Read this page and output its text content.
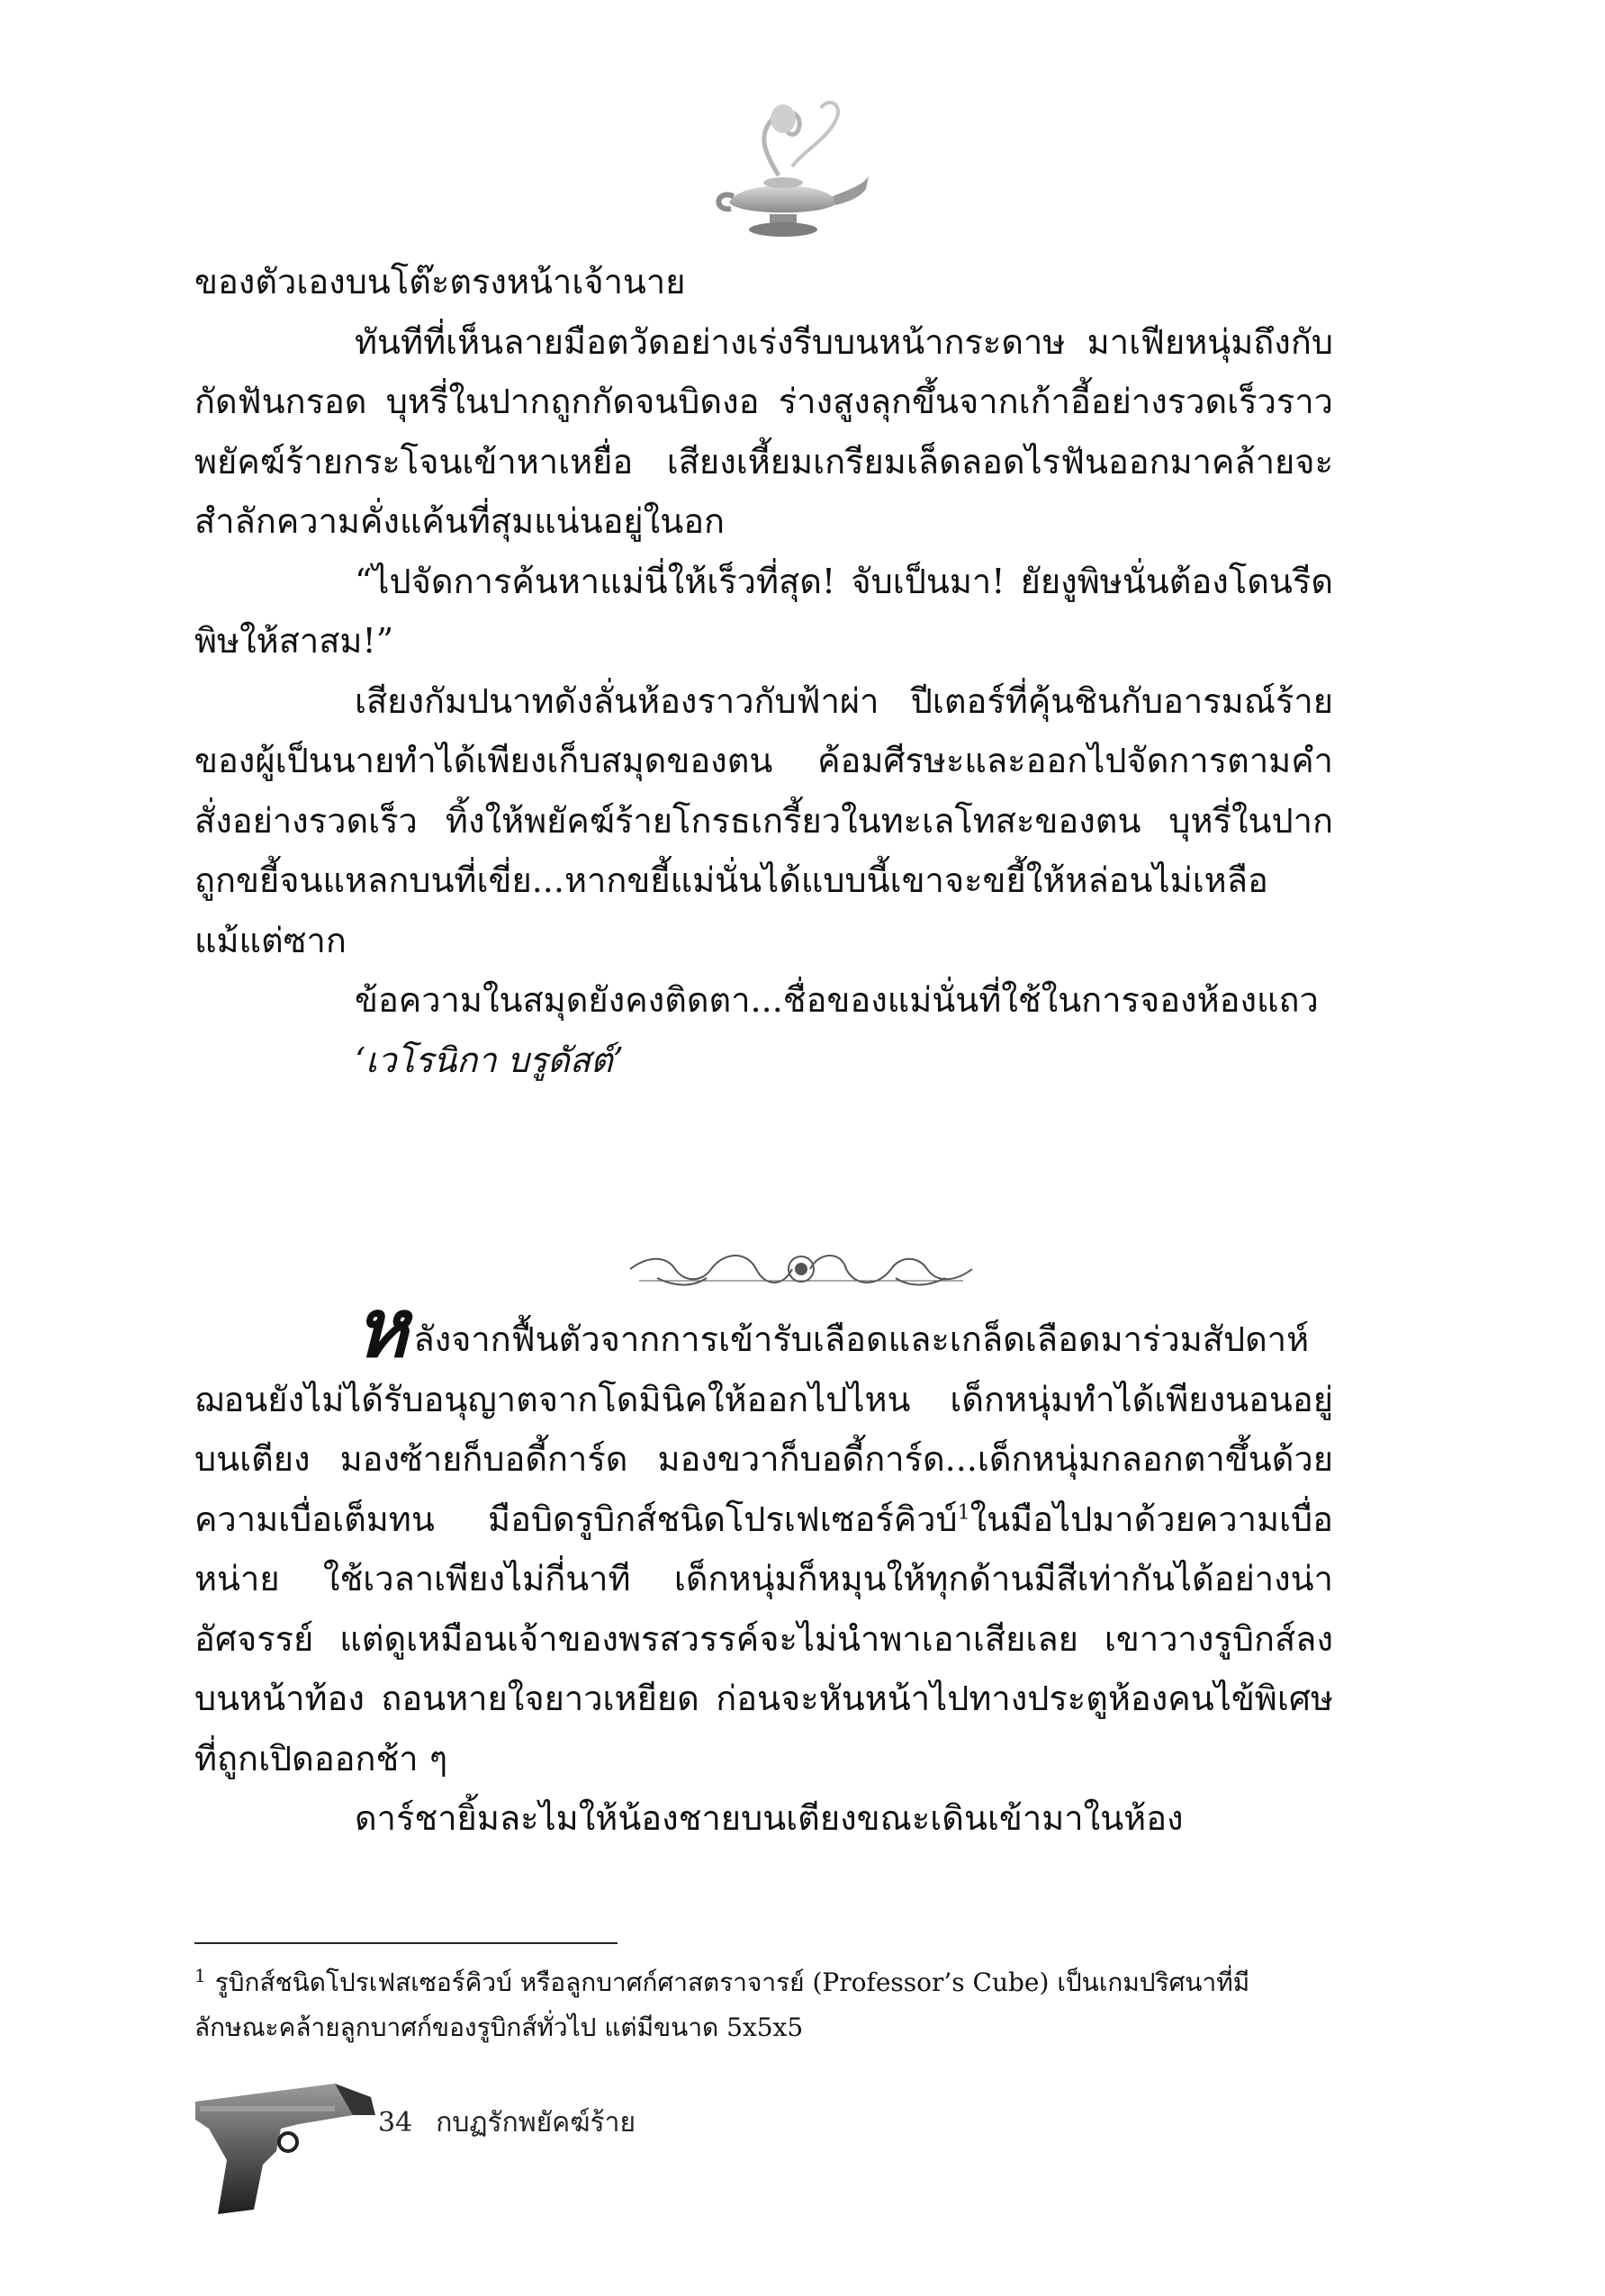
ของตัวเองบนโต๊ะตรงหน้าเจ้านาย

ทันทีที่เห็นลายมือตวัดอย่างเร่งรีบบนหน้ากระดาษ มาเฟียหนุ่มถึงกับกัดฟันกรอด บุหรี่ในปากถูกกัดจนบิดงอ ร่างสูงลุกขึ้นจากเก้าอี้อย่างรวดเร็วราวพยัคฆ์ร้ายกระโจนเข้าหาเหยื่อ เสียงเหี้ยมเกรียมเล็ดลอดไรฟันออกมาคล้ายจะสำลักความคั่งแค้นที่สุมแน่นอยู่ในอก

“ไปจัดการค้นหาแม่นี่ให้เร็วที่สุด! จับเป็นมา! ยัยงูพิษนั่นต้องโดนรีดพิษให้สาสม!”

เสียงกัมปนาทดังลั่นห้องราวกับฟ้าผ่า ปีเตอร์ที่คุ้นชินกับอารมณ์ร้ายของผู้เป็นนายทำได้เพียงเก็บสมุดของตน ค้อมศีรษะและออกไปจัดการตามคำสั่งอย่างรวดเร็ว ทิ้งให้พยัคฆ์ร้ายโกรธเกรี้ยวในทะเลโทสะของตน บุหรี่ในปากถูกขยี้จนแหลกบนที่เขี่ย...หากขยี้แม่นั่นได้แบบนี้เขาจะขยี้ให้หล่อนไม่เหลือแม้แต่ซาก

ข้อความในสมุดยังคงติดตา...ชื่อของแม่นั่นที่ใช้ในการจองห้องแถว

‘เวโรนิกา บรูดัสต์’

หลังจากฟื้นตัวจากการเข้ารับเลือดและเกล็ดเลือดมาร่วมสัปดาห์ ฌอนยังไม่ได้รับอนุญาตจากโดมินิคให้ออกไปไหน เด็กหนุ่มทำได้เพียงนอนอยู่บนเตียง มองซ้ายก็บอดี้การ์ด มองขวาก็บอดี้การ์ด...เด็กหนุ่มกลอกตาขึ้นด้วยความเบื่อเต็มทน มือบิดรูบิกส์ชนิดโปรเฟเซอร์คิวบ์$^1$ในมือไปมาด้วยความเบื่อหน่าย ใช้เวลาเพียงไม่กี่นาที เด็กหนุ่มก็หมุนให้ทุกด้านมีสีเท่ากันได้อย่างน่าอัศจรรย์ แต่ดูเหมือนเจ้าของพรสวรรค์จะไม่นำพาเอาเสียเลย เขาวางรูบิกส์ลงบนหน้าท้อง ถอนหายใจยาวเหยียด ก่อนจะหันหน้าไปทางประตูห้องคนไข้พิเศษที่ถูกเปิดออกช้า ๆ

ดาร์ชายิ้มละไมให้น้องชายบนเตียงขณะเดินเข้ามาในห้อง

$^1$ รูบิกส์ชนิดโปรเฟสเซอร์คิวบ์ หรือลูกบาศก์ศาสตราจารย์ (Professor’s Cube) เป็นเกมปริศนาที่มีลักษณะคล้ายลูกบาศก์ของรูบิกส์ทั่วไป แต่มีขนาด 5x5x5
34 กบฏรักพยัคฆ์ร้าย
